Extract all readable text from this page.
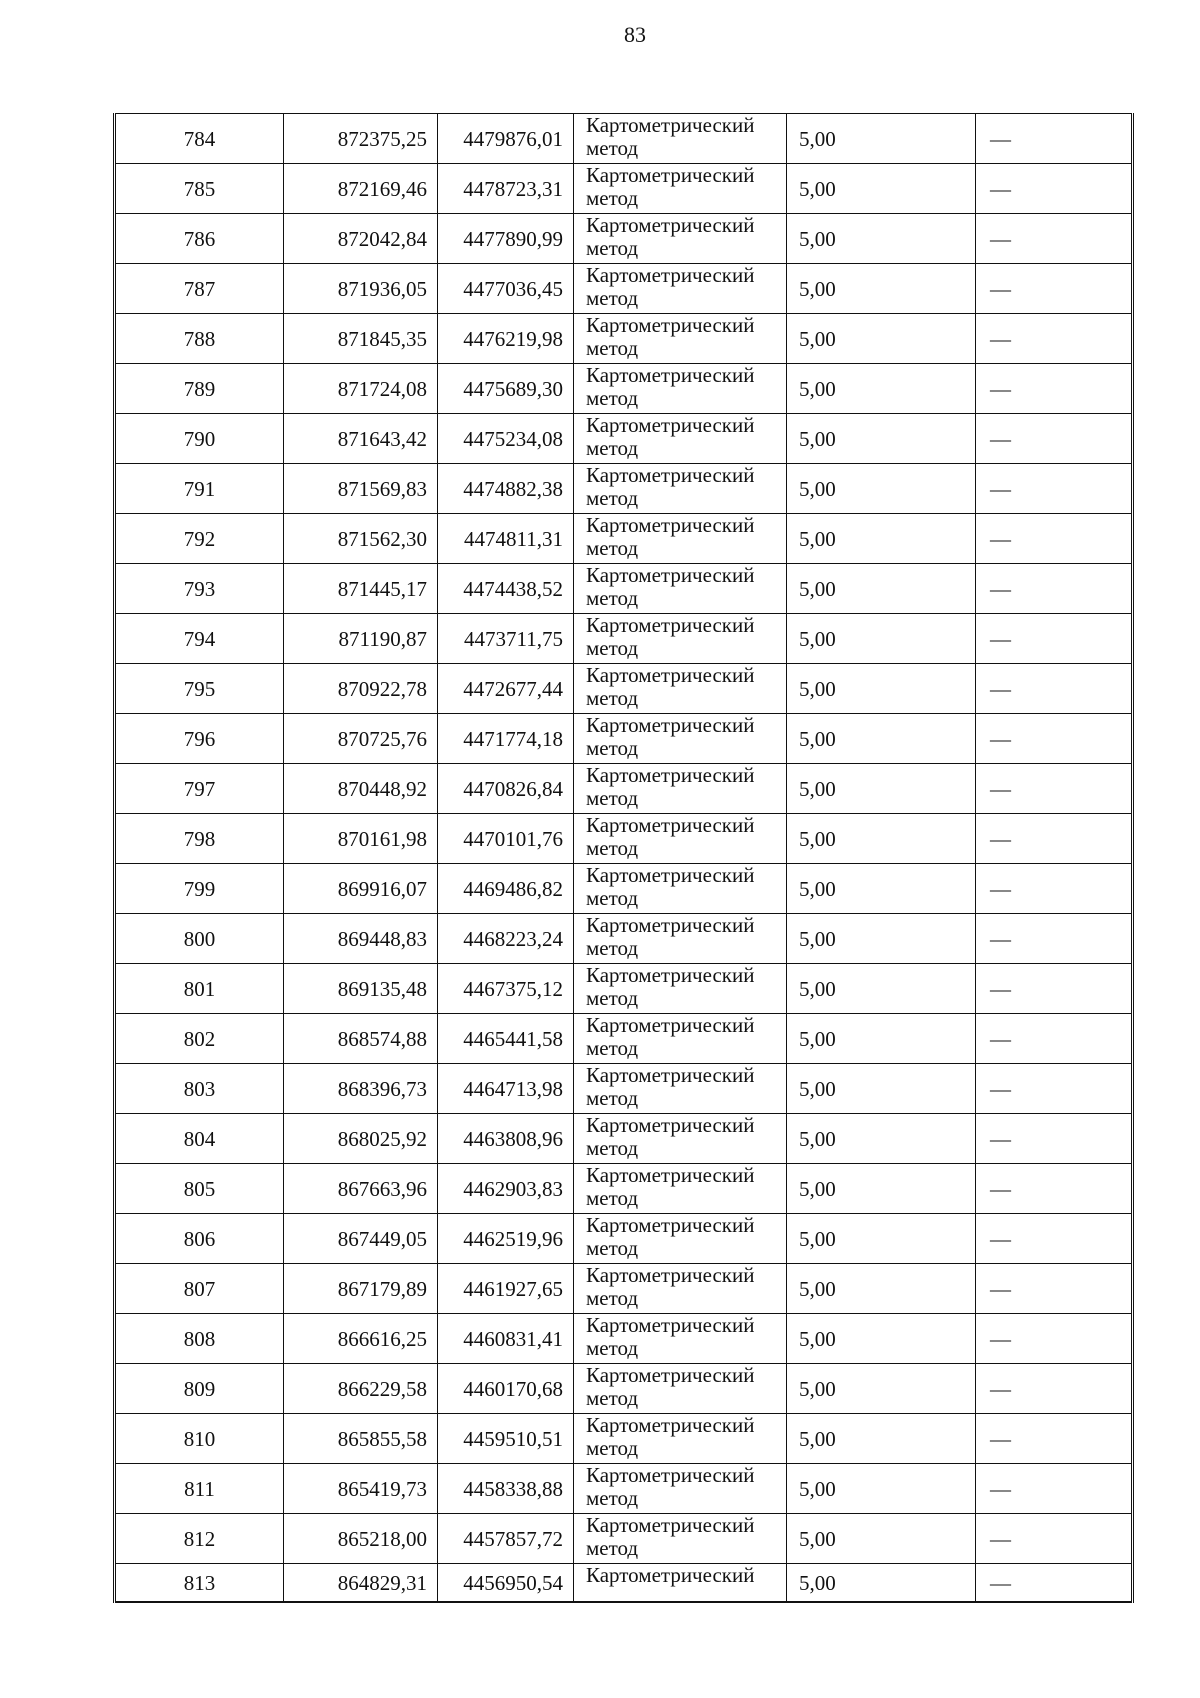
83
784	872375,25	4479876,01	Картометрический
метод	5,00	—
785	872169,46	4478723,31	Картометрический
метод	5,00	—
786	872042,84	4477890,99	Картометрический
метод	5,00	—
787	871936,05	4477036,45	Картометрический
метод	5,00	—
788	871845,35	4476219,98	Картометрический
метод	5,00	—
789	871724,08	4475689,30	Картометрический
метод	5,00	—
790	871643,42	4475234,08	Картометрический
метод	5,00	—
791	871569,83	4474882,38	Картометрический
метод	5,00	—
792	871562,30	4474811,31	Картометрический
метод	5,00	—
793	871445,17	4474438,52	Картометрический
метод	5,00	—
794	871190,87	4473711,75	Картометрический
метод	5,00	—
795	870922,78	4472677,44	Картометрический
метод	5,00	—
796	870725,76	4471774,18	Картометрический
метод	5,00	—
797	870448,92	4470826,84	Картометрический
метод	5,00	—
798	870161,98	4470101,76	Картометрический
метод	5,00	—
799	869916,07	4469486,82	Картометрический
метод	5,00	—
800	869448,83	4468223,24	Картометрический
метод	5,00	—
801	869135,48	4467375,12	Картометрический
метод	5,00	—
802	868574,88	4465441,58	Картометрический
метод	5,00	—
803	868396,73	4464713,98	Картометрический
метод	5,00	—
804	868025,92	4463808,96	Картометрический
метод	5,00	—
805	867663,96	4462903,83	Картометрический
метод	5,00	—
806	867449,05	4462519,96	Картометрический
метод	5,00	—
807	867179,89	4461927,65	Картометрический
метод	5,00	—
808	866616,25	4460831,41	Картометрический
метод	5,00	—
809	866229,58	4460170,68	Картометрический
метод	5,00	—
810	865855,58	4459510,51	Картометрический
метод	5,00	—
811	865419,73	4458338,88	Картометрический
метод	5,00	—
812	865218,00	4457857,72	Картометрический
метод	5,00	—
813	864829,31	4456950,54	Картометрический	5,00	—
